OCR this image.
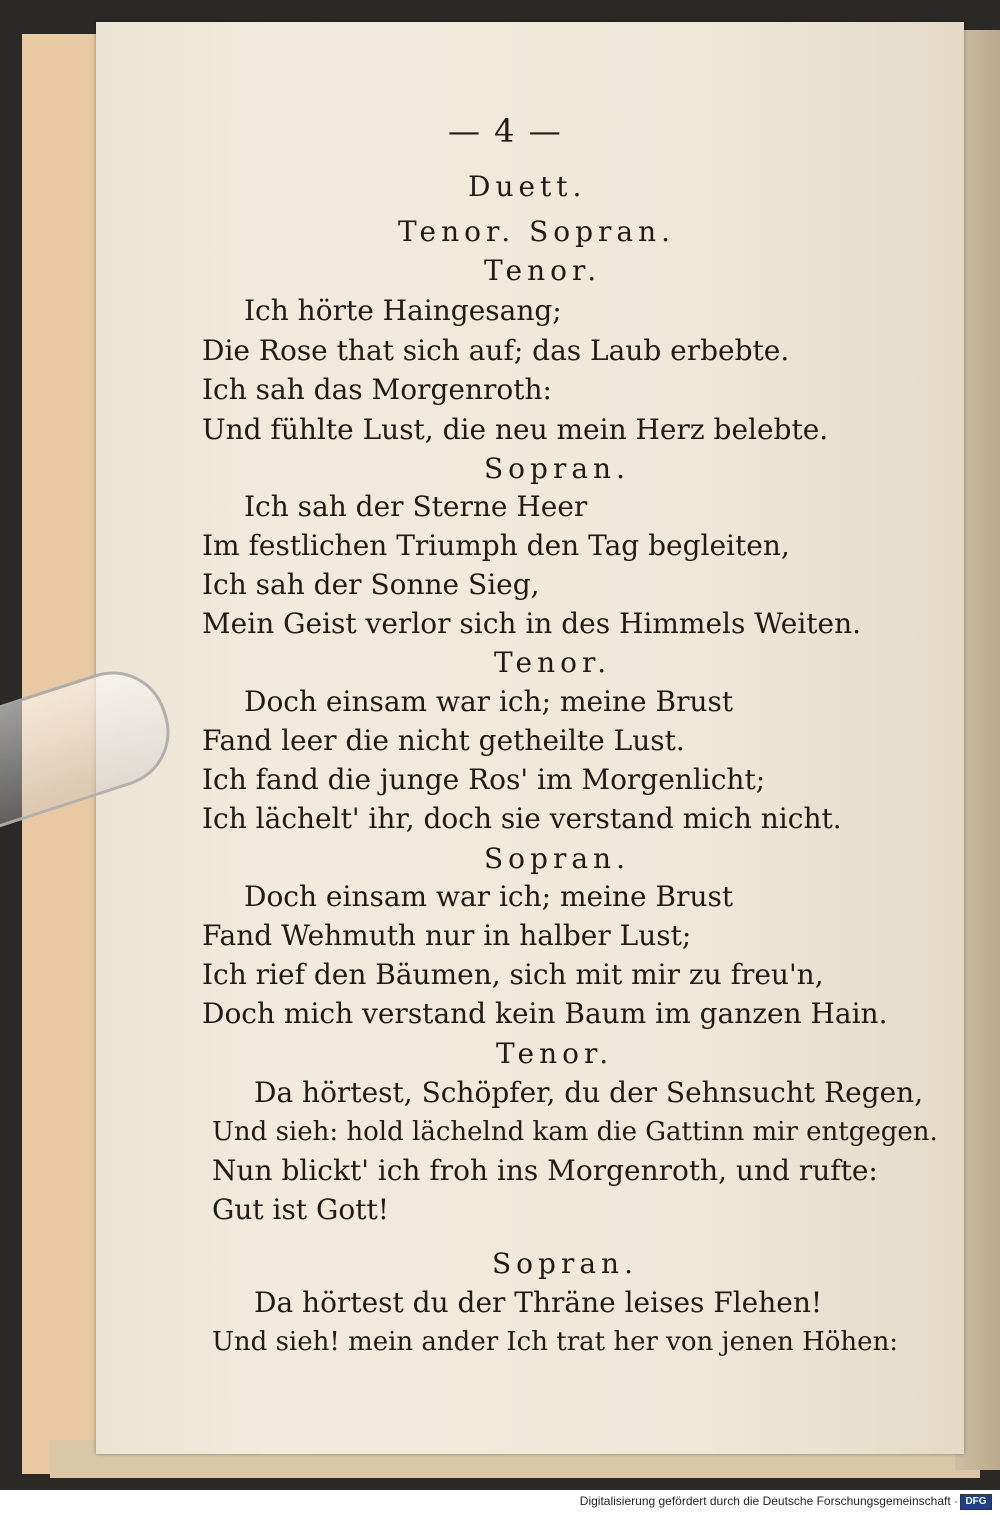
— 4 —
Duett.
Tenor. Sopran.
Tenor.
Ich hörte Haingesang;
Die Rose that sich auf; das Laub erbebte.
Ich sah das Morgenroth:
Und fühlte Lust, die neu mein Herz belebte.
Sopran.
Ich sah der Sterne Heer
Im festlichen Triumph den Tag begleiten,
Ich sah der Sonne Sieg,
Mein Geist verlor sich in des Himmels Weiten.
Tenor.
Doch einsam war ich; meine Brust
Fand leer die nicht getheilte Lust.
Ich fand die junge Ros' im Morgenlicht;
Ich lächelt' ihr, doch sie verstand mich nicht.
Sopran.
Doch einsam war ich; meine Brust
Fand Wehmuth nur in halber Lust;
Ich rief den Bäumen, sich mit mir zu freu'n,
Doch mich verstand kein Baum im ganzen Hain.
Tenor.
Da hörtest, Schöpfer, du der Sehnsucht Regen,
Und sieh: hold lächelnd kam die Gattinn mir entgegen.
Nun blickt' ich froh ins Morgenroth, und rufte:
Gut ist Gott!
Sopran.
Da hörtest du der Thräne leises Flehen!
Und sieh! mein ander Ich trat her von jenen Höhen:
Digitalisierung gefördert durch die Deutsche Forschungsgemeinschaft · DFG
